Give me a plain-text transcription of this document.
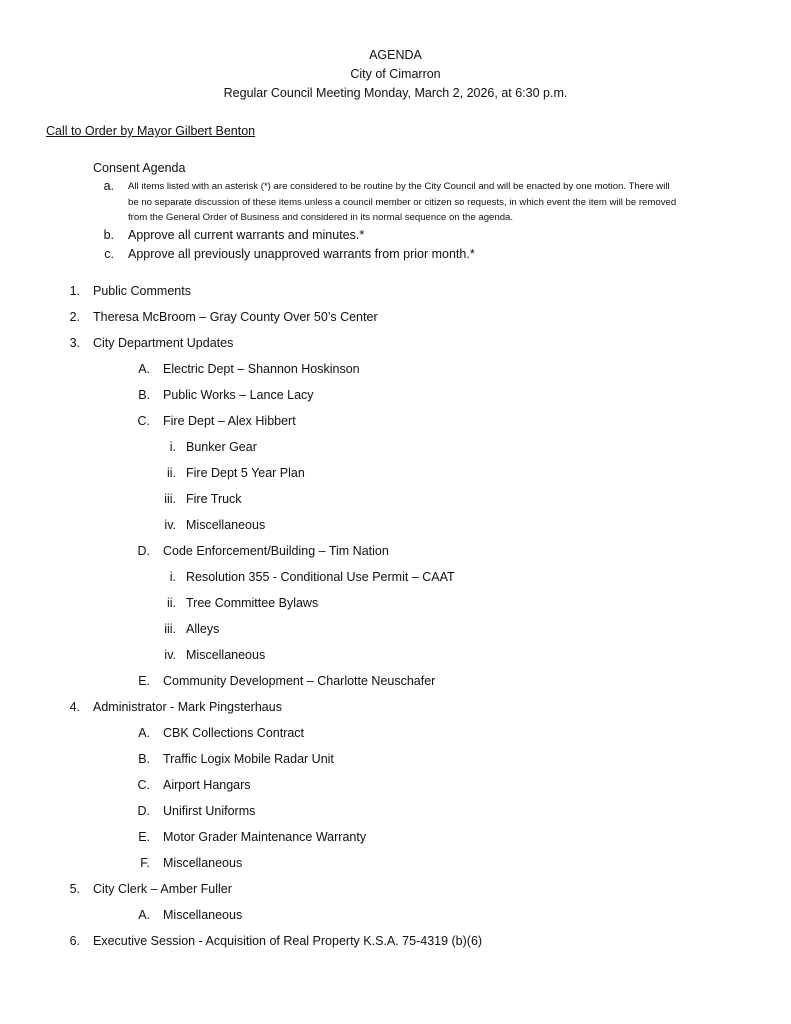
AGENDA
City of Cimarron
Regular Council Meeting Monday, March 2, 2026, at 6:30 p.m.
Call to Order by Mayor Gilbert Benton
Consent Agenda
a. All items listed with an asterisk (*) are considered to be routine by the City Council and will be enacted by one motion. There will
be no separate discussion of these items unless a council member or citizen so requests, in which event the item will be removed
from the General Order of Business and considered in its normal sequence on the agenda.
b. Approve all current warrants and minutes.*
c. Approve all previously unapproved warrants from prior month.*
1. Public Comments
2. Theresa McBroom – Gray County Over 50’s Center
3. City Department Updates
A. Electric Dept – Shannon Hoskinson
B. Public Works – Lance Lacy
C. Fire Dept – Alex Hibbert
i. Bunker Gear
ii. Fire Dept 5 Year Plan
iii. Fire Truck
iv. Miscellaneous
D. Code Enforcement/Building – Tim Nation
i. Resolution 355 - Conditional Use Permit – CAAT
ii. Tree Committee Bylaws
iii. Alleys
iv. Miscellaneous
E. Community Development – Charlotte Neuschafer
4. Administrator - Mark Pingsterhaus
A. CBK Collections Contract
B. Traffic Logix Mobile Radar Unit
C. Airport Hangars
D. Unifirst Uniforms
E. Motor Grader Maintenance Warranty
F. Miscellaneous
5. City Clerk – Amber Fuller
A. Miscellaneous
6. Executive Session - Acquisition of Real Property K.S.A. 75-4319 (b)(6)
